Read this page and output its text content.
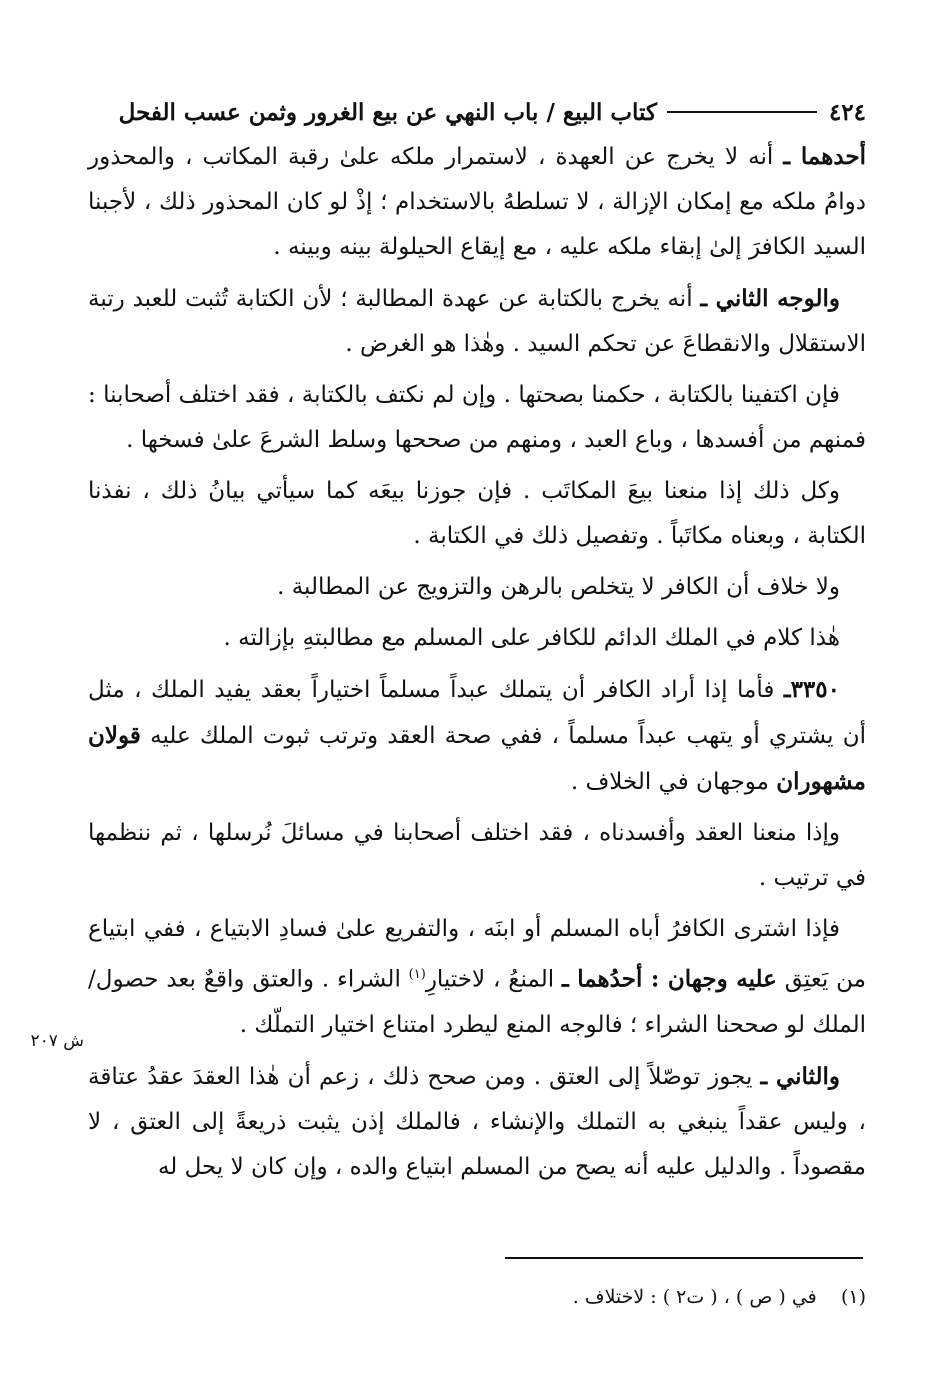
٤٢٤
كتاب البيع / باب النهي عن بيع الغرور وثمن عسب الفحل

أحدهما ـ أنه لا يخرج عن العهدة ، لاستمرار ملكه علىٰ رقبة المكاتب ، والمحذور دوامُ ملكه مع إمكان الإزالة ، لا تسلطهُ بالاستخدام ؛ إذْ لو كان المحذور ذلك ، لأجبنا السيد الكافرَ إلىٰ إبقاء ملكه عليه ، مع إيقاع الحيلولة بينه وبينه .

والوجه الثاني ـ أنه يخرج بالكتابة عن عهدة المطالبة ؛ لأن الكتابة تُثبت للعبد رتبة الاستقلال والانقطاعَ عن تحكم السيد . وهٰذا هو الغرض .

فإن اكتفينا بالكتابة ، حكمنا بصحتها . وإن لم نكتف بالكتابة ، فقد اختلف أصحابنا : فمنهم من أفسدها ، وباع العبد ، ومنهم من صححها وسلط الشرعَ علىٰ فسخها .

وكل ذلك إذا منعنا بيعَ المكاتَب . فإن جوزنا بيعَه كما سيأتي بيانُ ذلك ، نفذنا الكتابة ، وبعناه مكاتَباً . وتفصيل ذلك في الكتابة .

ولا خلاف أن الكافر لا يتخلص بالرهن والتزويج عن المطالبة .

هٰذا كلام في الملك الدائم للكافر على المسلم مع مطالبتهِ بإزالته .

٣٣٥٠ـ فأما إذا أراد الكافر أن يتملك عبداً مسلماً اختياراً بعقد يفيد الملك ، مثل أن يشتري أو يتهب عبداً مسلماً ، ففي صحة العقد وترتب ثبوت الملك عليه قولان مشهوران موجهان في الخلاف .

وإذا منعنا العقد وأفسدناه ، فقد اختلف أصحابنا في مسائلَ نُرسلها ، ثم ننظمها في ترتيب .

فإذا اشترى الكافرُ أباه المسلم أو ابنَه ، والتفريع علىٰ فسادِ الابتياع ، ففي ابتياع من يَعتِق عليه وجهان : أحدُهما ـ المنعُ ، لاختيارِ$^{(١)}$ الشراء . والعتق واقعٌ بعد حصول/ الملك لو صححنا الشراء ؛ فالوجه المنع ليطرد امتناع اختيار التملّك .

والثاني ـ يجوز توصّلاً إلى العتق . ومن صحح ذلك ، زعم أن هٰذا العقدَ عقدُ عتاقة ، وليس عقداً ينبغي به التملك والإنشاء ، فالملك إذن يثبت ذريعةً إلى العتق ، لا مقصوداً . والدليل عليه أنه يصح من المسلم ابتياع والده ، وإن كان لا يحل له

ش ٢٠٧
(١)    في ( ص ) ، ( ت٢ ) : لاختلاف .
